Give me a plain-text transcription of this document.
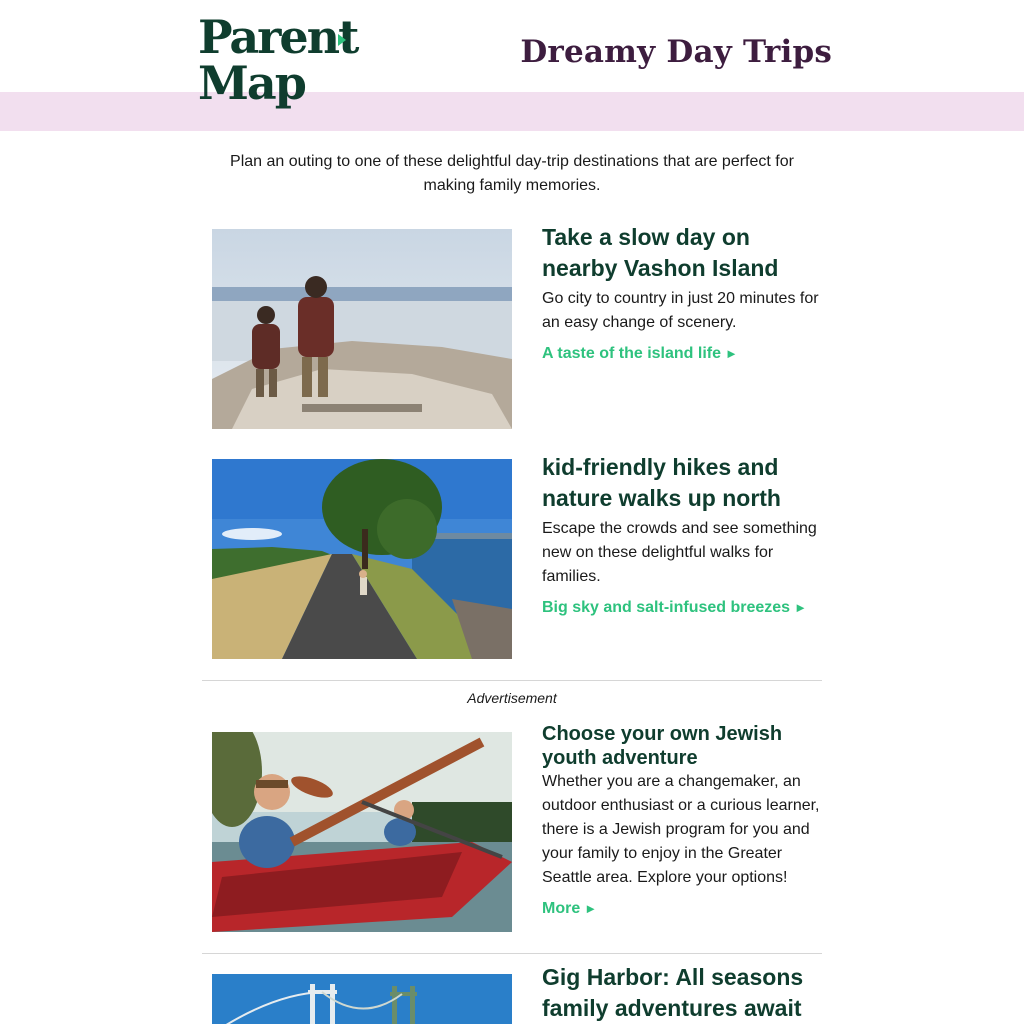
Parent
Map
Dreamy Day Trips
Plan an outing to one of these delightful day-trip destinations that are perfect for making family memories.
Take a slow day on nearby Vashon Island

Go city to country in just 20 minutes for an easy change of scenery.

A taste of the island life ►
kid-friendly hikes and nature walks up north

Escape the crowds and see something new on these delightful walks for families.

Big sky and salt-infused breezes ►
Advertisement
Choose your own Jewish youth adventure

Whether you are a changemaker, an outdoor enthusiast or a curious learner, there is a Jewish program for you and your family to enjoy in the Greater Seattle area. Explore your options!

More ►
Gig Harbor: All seasons family adventures await
